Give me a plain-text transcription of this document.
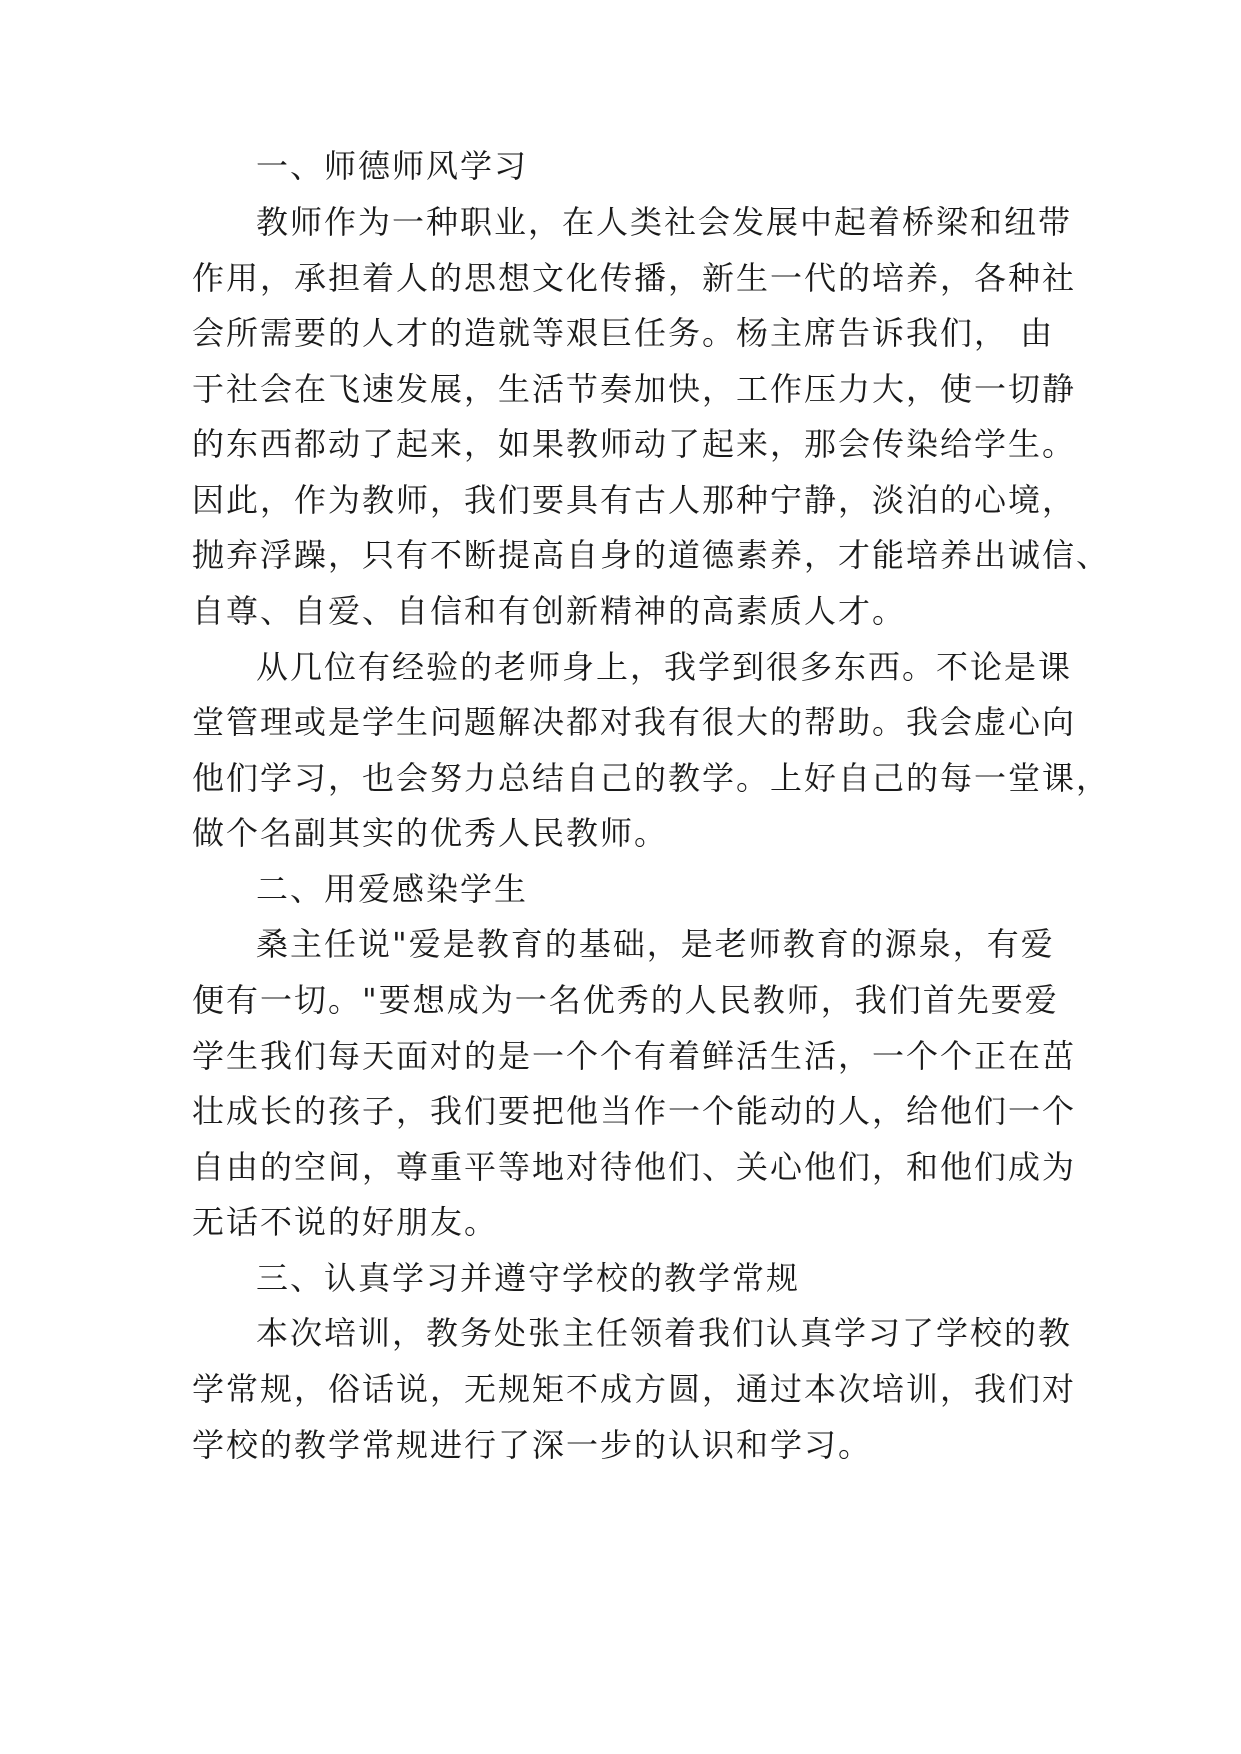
一、师德师风学习
教师作为一种职业，在人类社会发展中起着桥梁和纽带
作用，承担着人的思想文化传播，新生一代的培养，各种社
会所需要的人才的造就等艰巨任务。杨主席告诉我们， 由
于社会在飞速发展，生活节奏加快，工作压力大，使一切静
的东西都动了起来，如果教师动了起来，那会传染给学生。
因此，作为教师，我们要具有古人那种宁静，淡泊的心境，
抛弃浮躁，只有不断提高自身的道德素养，才能培养出诚信、
自尊、自爱、自信和有创新精神的高素质人才。
从几位有经验的老师身上，我学到很多东西。不论是课
堂管理或是学生问题解决都对我有很大的帮助。我会虚心向
他们学习，也会努力总结自己的教学。上好自己的每一堂课，
做个名副其实的优秀人民教师。
二、用爱感染学生
桑主任说"爱是教育的基础，是老师教育的源泉，有爱
便有一切。"要想成为一名优秀的人民教师，我们首先要爱
学生我们每天面对的是一个个有着鲜活生活，一个个正在茁
壮成长的孩子，我们要把他当作一个能动的人，给他们一个
自由的空间，尊重平等地对待他们、关心他们，和他们成为
无话不说的好朋友。
三、认真学习并遵守学校的教学常规
本次培训，教务处张主任领着我们认真学习了学校的教
学常规，俗话说，无规矩不成方圆，通过本次培训，我们对
学校的教学常规进行了深一步的认识和学习。
